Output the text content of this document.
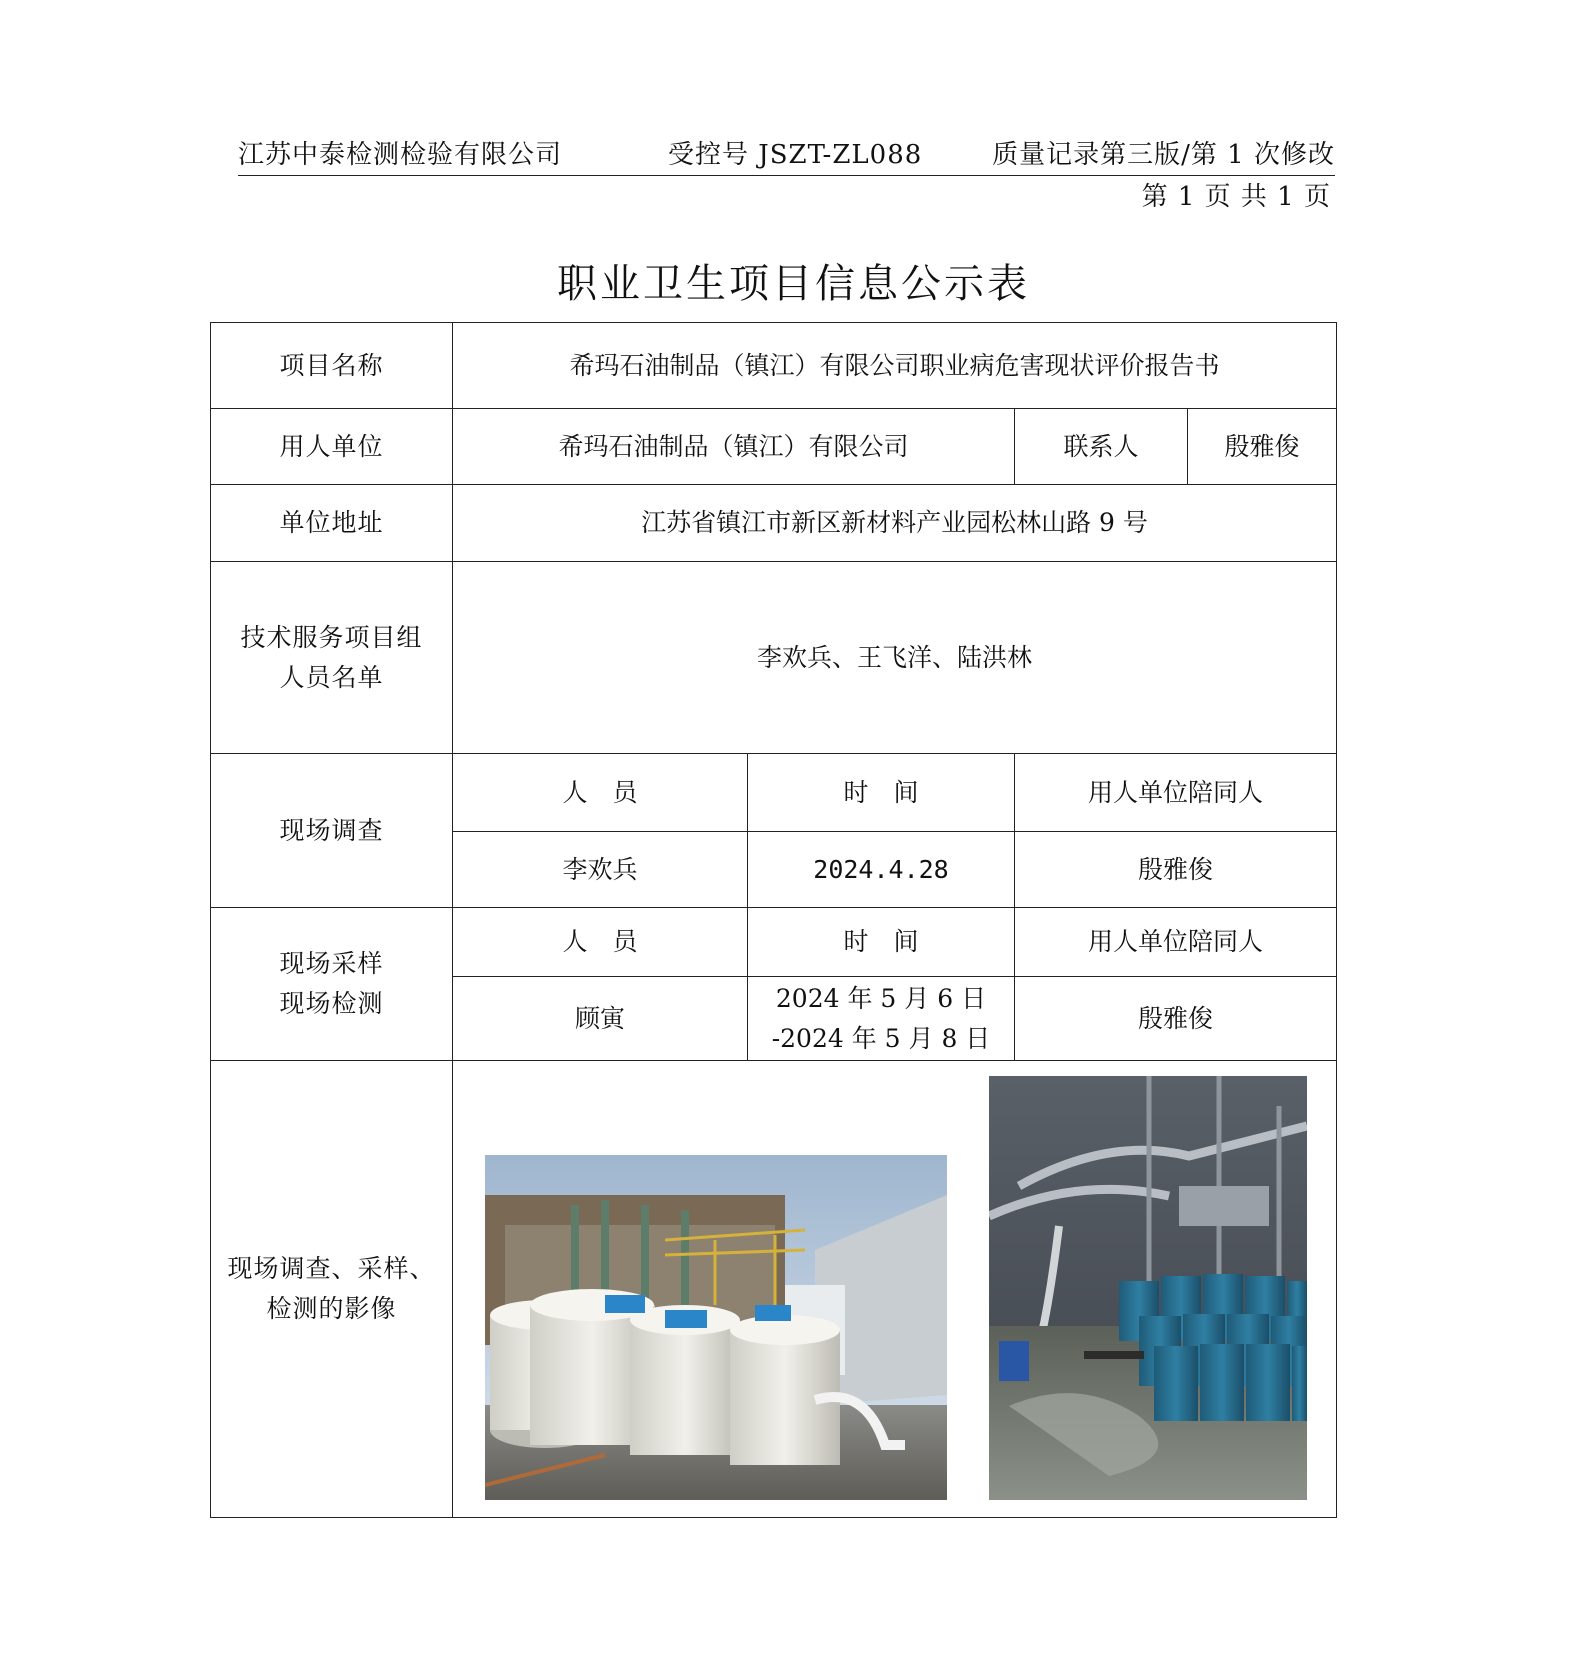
江苏中泰检测检验有限公司	受控号 JSZT-ZL088	质量记录第三版/第 1 次修改
第 1 页 共 1 页
职业卫生项目信息公示表
项目名称	希玛石油制品（镇江）有限公司职业病危害现状评价报告书			
用人单位	希玛石油制品（镇江）有限公司		联系人	殷雅俊
单位地址	江苏省镇江市新区新材料产业园松林山路 9 号			

技术服务项目组
人员名单	李欢兵、王飞洋、陆洪林			
现场调查	人　员	时　间	用人单位陪同人	
	李欢兵	2024.4.28	殷雅俊	

现场采样
现场检测	人　员	时　间	用人单位陪同人	
	顾寅	2024 年 5 月 6 日
-2024 年 5 月 8 日	殷雅俊	

现场调查、采样、
检测的影像
